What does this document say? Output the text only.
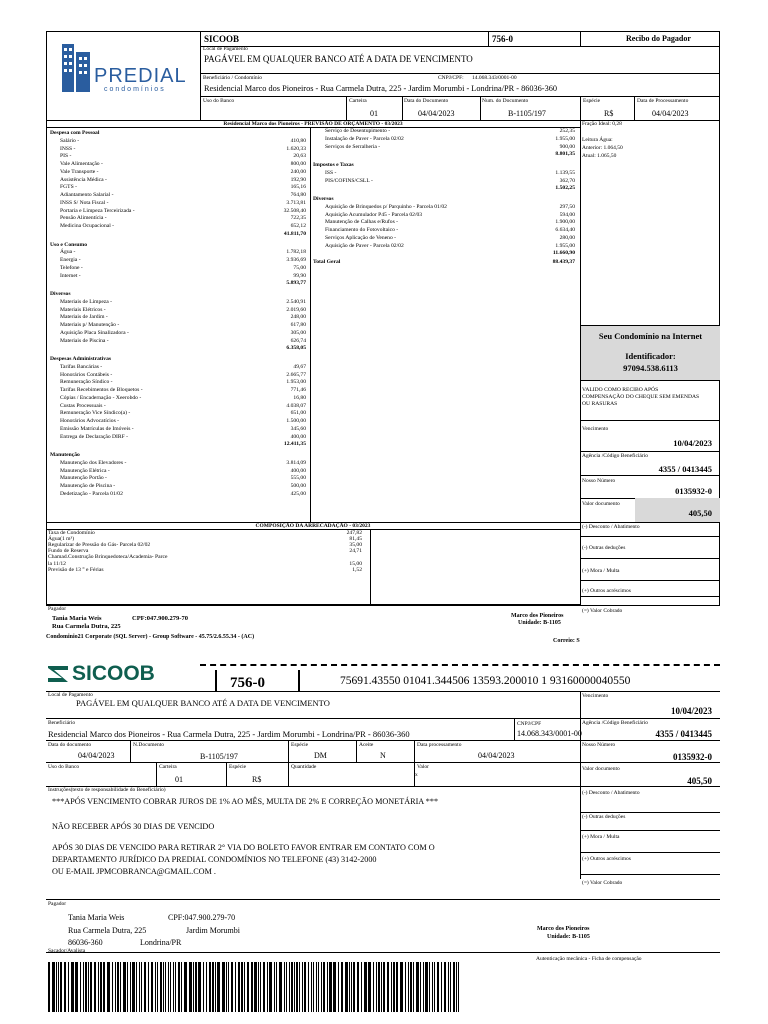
PREDIAL
condomínios
SICOOB	756-0	Recibo do Pagador
Local de Pagamento
PAGÁVEL EM QUALQUER BANCO ATÉ A DATA DE VENCIMENTO
Beneficiário / Condomínio	CNPJ/CPF: 14.068.343/0001-00
Residencial Marco dos Pioneiros - Rua Carmela Dutra, 225 - Jardim Morumbi - Londrina/PR - 86036-360
Uso do Banco	Carteira
01
Data do Documento
04/04/2023
Num. do Documento
B-1105/197
Espécie
R$
Data de Processamento
04/04/2023
Residencial Marco dos Pioneiros - PREVISÃO DE ORÇAMENTO - 03/2023
Despesa com Pessoal
Salário -	410,80
INSS -	1.620,33
PIS -	20,63
Vale Alimentação -	800,00
Vale Transporte -	240,00
Assistência Médica -	192,90
FGTS -	165,16
Adiantamento Salarial -	764,80
INSS S/ Nota Fiscal -	3.713,81
Portaria e Limpeza Terceirizada -	32.508,40
Pensão Alimentícia -	722,35
Medicina Ocupacional -	652,12
41.811,70
Uso e Consumo
Água -	1.782,18
Energia -	3.936,69
Telefone -	75,00
Internet -	99,90
5.893,77
Diversos
Materiais de Limpeza -	2.540,91
Materiais Elétricos -	2.019,60
Materiais de Jardim -	248,00
Materiais p/ Manutenção -	617,80
Aquisição Placa Sinalizadora -	305,00
Materiais de Piscina -	626,74
6.358,05
Despesas Administrativas
Tarifas Bancárias -	49,67
Honorários Contábeis -	2.665,77
Remuneração Síndico -	1.953,00
Tarifas Recebimentos de Bloquetos -	771,46
Cópias / Encadernação - Xeerobdo -	16,80
Custas Processuais -	4.038,07
Remuneração Vice Síndico(a) -	651,00
Honorários Advocatícios -	1.500,00
Emissão Matrículas de Imóveis -	345,60
Entrega de Declaração DIRF -	400,00
12.411,35
Manutenção
Manutenção dos Elevadores -	3.814,09
Manutenção Elétrica -	400,00
Manutenção Portão -	555,00
Manutenção de Piscina -	500,00
Dedetização - Parcela 01/02	425,00
Serviço de Desentupimento -	252,35
Instalação de Paver - Parcela 02/02	1.955,00
Serviços de Serralheria -	900,00
8.801,35
Impostos e Taxas
ISS -	1.139,55
PIS/COFINS/CSLL -	362,70
1.502,25
Diversos
Aquisição de Brinquedos p/ Parquinho - Parcela 01/02	297,50
Aquisição Acumulador P45 - Parcela 02/03	594,00
Manutenção de Calhas e/Rufos -	1.900,00
Financiamento do Fotovoltaico -	6.634,40
Serviços Aplicação de Veneno -	280,00
Aquisição de Paver - Parcela 02/02	1.955,00
11.660,90
Total Geral	88.439,37
Fração Ideal: 0,28
Leitura Água:
Anterior: 1.064,50
Atual: 1.065,50
Seu Condomínio na Internet
Identificador:
97094.538.6113
VALIDO COMO RECIBO APÓS COMPENSAÇÃO DO CHEQUE SEM EMENDAS OU RASURAS
Vencimento
10/04/2023
Agência /Código Beneficiário
4355 / 0413445
Nosso Número
0135932-0
Valor documento
405,50
COMPOSIÇÃO DA ARRECADAÇÃO - 03/2023
Taxa de Condomínio	247,82
Água(1 m³)	81,45
Regularizar de Pressão do Gás- Parcela 02/02	35,00
Fundo de Reserva	24,71
Chamad.Construção Brinquedoteca/Academia- Parce
la 11/12	15,00
Previsão de 13 ° e Férias	1,52
(-) Desconto / Abatimento
(-) Outras deduções
(+) Mora / Multa
(+) Outros acréscimos
Pagador
Tania Maria Weis	CPF:047.900.279-70
Rua Carmela Dutra, 225
Marco dos Pioneiros
Unidade: B-1105
(=) Valor Cobrado
Condominio21 Corporate (SQL Server) - Group Software - 45.75/2.6.55.34 - (AC)
Correio: S
SICOOB	756-0	75691.43550 01041.344506 13593.200010 1 93160000040550
Local de Pagamento
PAGÁVEL EM QUALQUER BANCO ATÉ A DATA DE VENCIMENTO
Vencimento
10/04/2023
Beneficiário
Residencial Marco dos Pioneiros - Rua Carmela Dutra, 225 - Jardim Morumbi - Londrina/PR - 86036-360
CNPJ/CPF
14.068.343/0001-00
Agência /Código Beneficiário
4355 / 0413445
Data do documento
04/04/2023
N.Documento
B-1105/197
Espécie
DM
Aceite
N
Data processamento
04/04/2023
Nosso Número
0135932-0
Uso do Banco	Carteira
01
Espécie
R$
Quantidade	Valor
x
Valor documento
405,50
Instruções(texto de responsabilidade do Beneficiário)
***APÓS VENCIMENTO COBRAR JUROS DE 1% AO MÊS, MULTA DE 2% E CORREÇÃO MONETÁRIA ***
NÃO RECEBER APÓS 30 DIAS DE VENCIDO
APÓS 30 DIAS DE VENCIDO PARA RETIRAR 2° VIA DO BOLETO FAVOR ENTRAR EM CONTATO COM O
DEPARTAMENTO JURÍDICO DA PREDIAL CONDOMÍNIOS NO TELEFONE (43) 3142-2000
OU E-MAIL JPMCOBRANCA@GMAIL.COM .
(-) Desconto / Abatimento
(-) Outras deduções
(+) Mora / Multa
(+) Outros acréscimos
(=) Valor Cobrado
Pagador
Tania Maria Weis	CPF:047.900.279-70
Rua Carmela Dutra, 225	Jardim Morumbi
86036-360	Londrina/PR
Marco dos Pioneiros
Unidade: B-1105
Sacador/Avalista
Autenticação mecânica - Ficha de compensação
